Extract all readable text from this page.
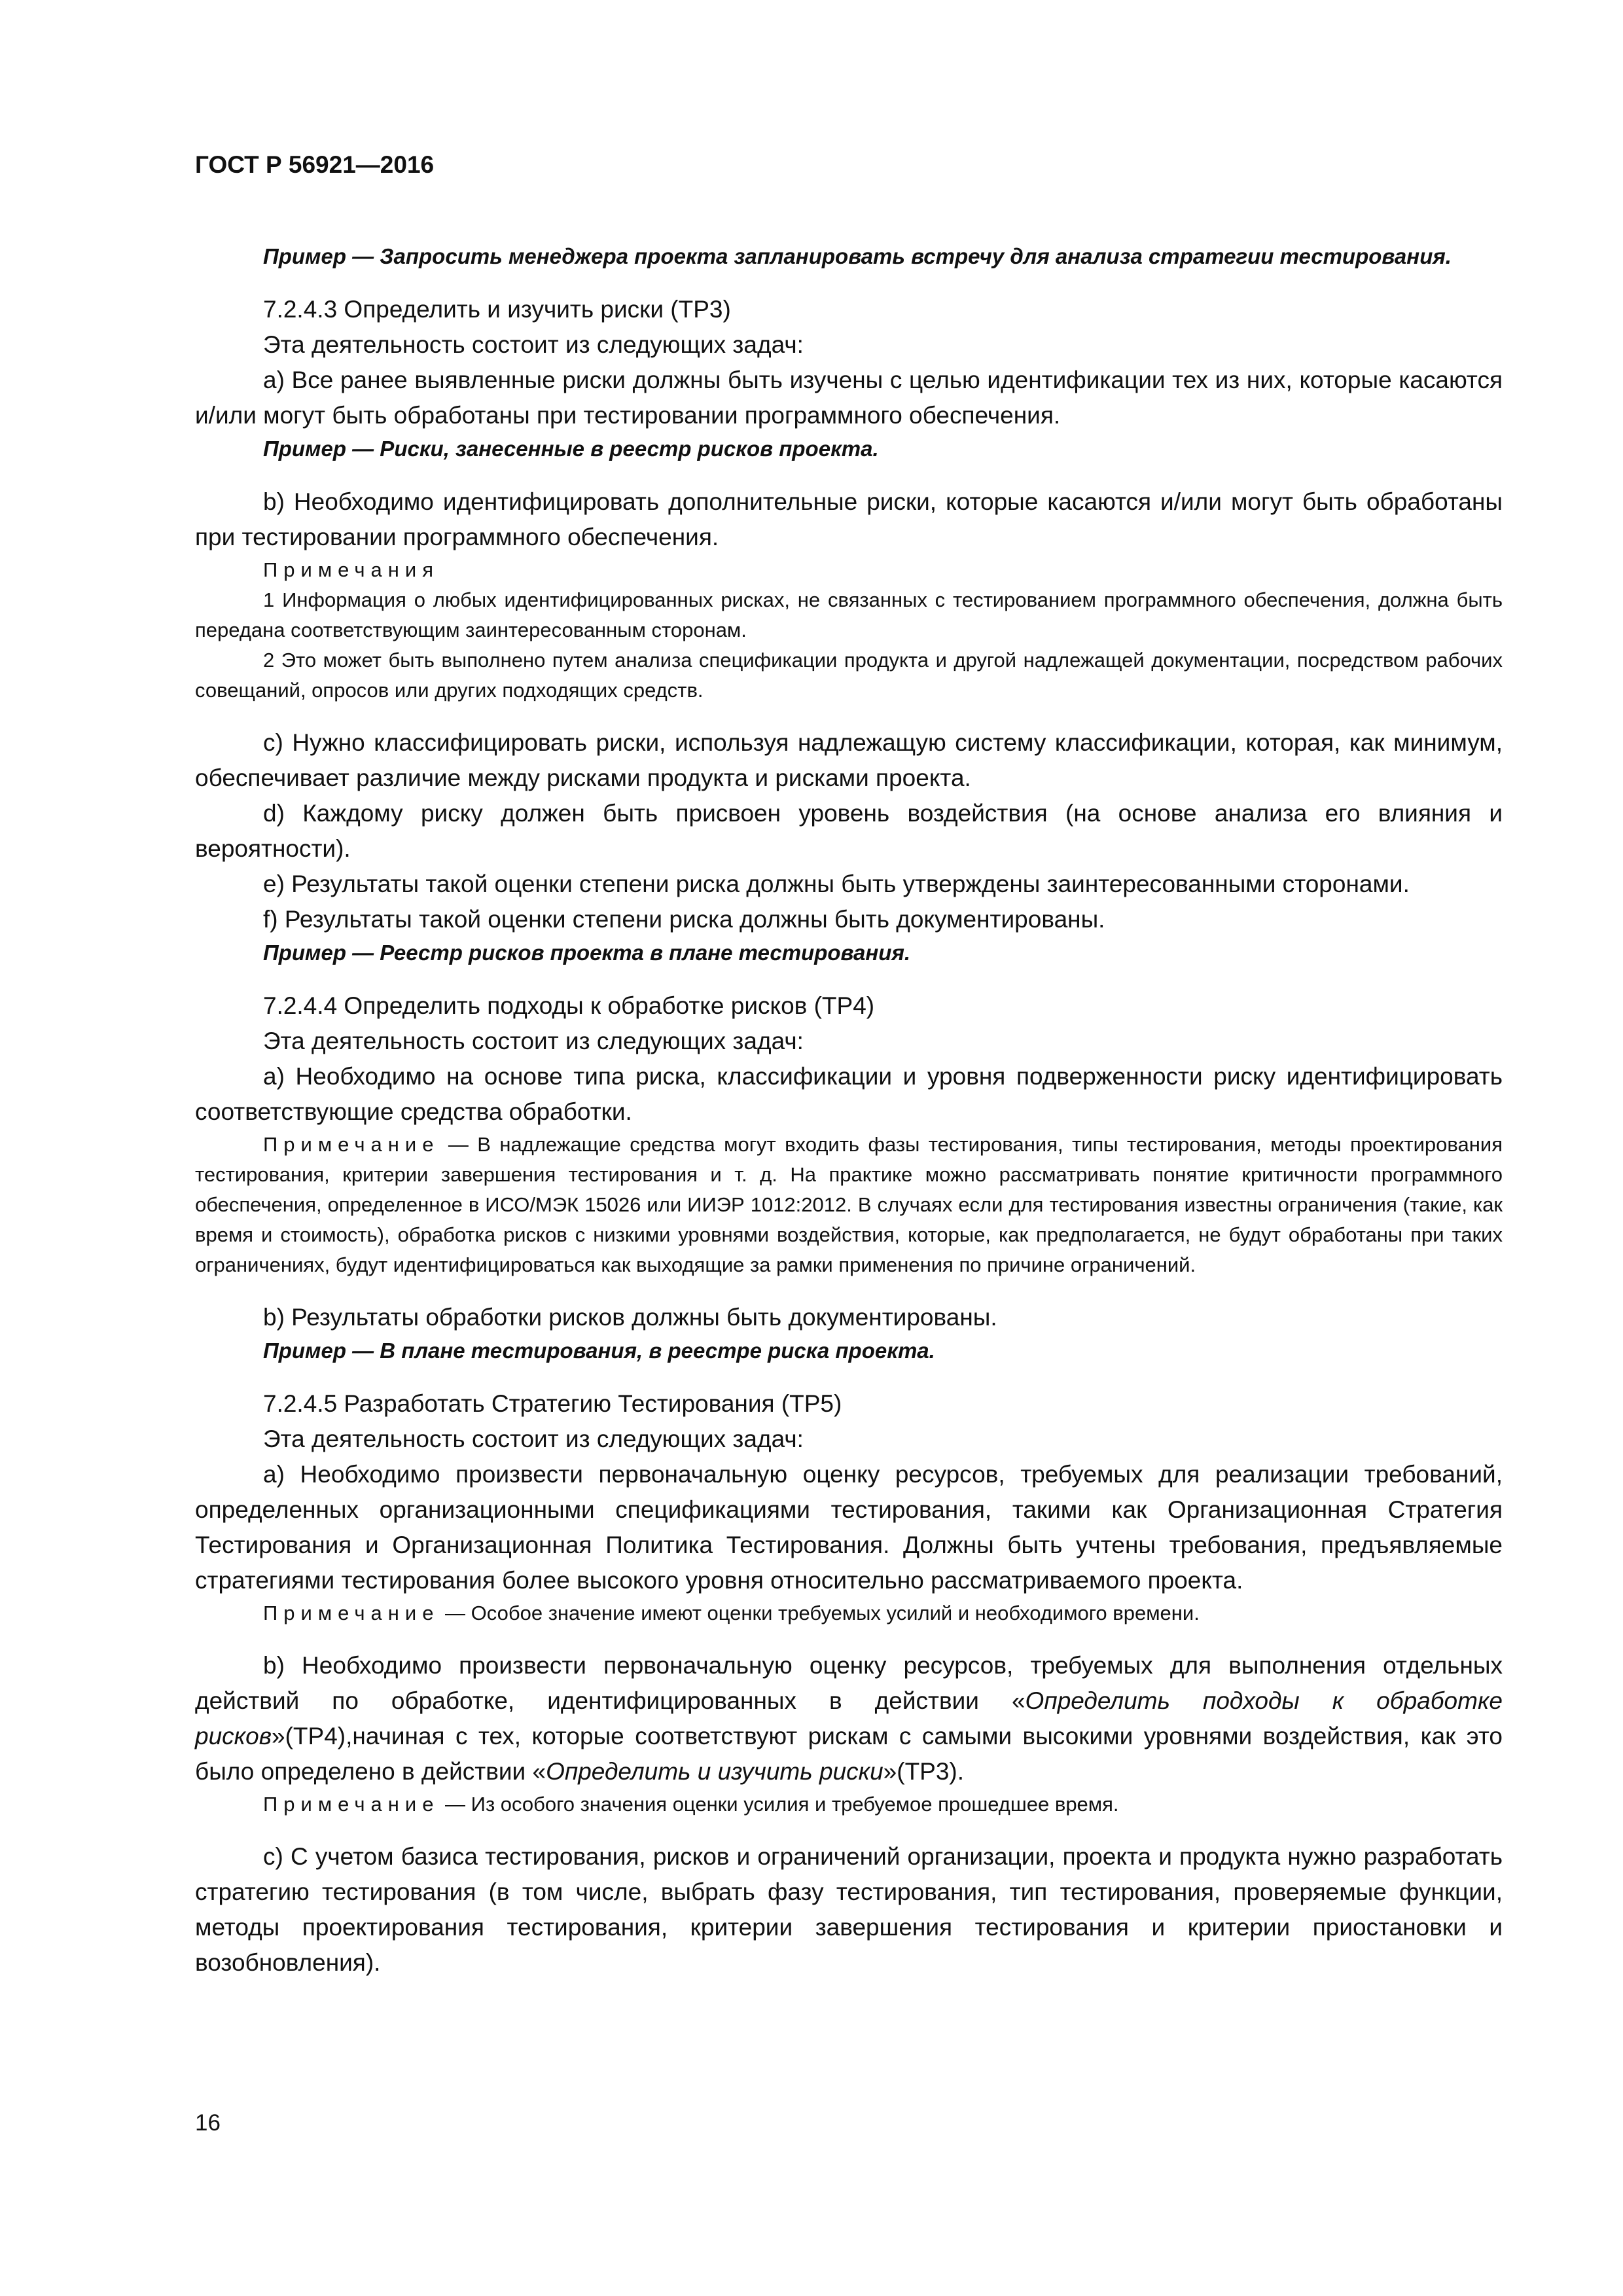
ГОСТ Р 56921—2016

Пример — Запросить менеджера проекта запланировать встречу для анализа стратегии тестирования.

7.2.4.3 Определить и изучить риски (TP3)

Эта деятельность состоит из следующих задач:

a) Все ранее выявленные риски должны быть изучены с целью идентификации тех из них, которые касаются и/или могут быть обработаны при тестировании программного обеспечения.

Пример — Риски, занесенные в реестр рисков проекта.

b) Необходимо идентифицировать дополнительные риски, которые касаются и/или могут быть обработаны при тестировании программного обеспечения.

Примечания

1 Информация о любых идентифицированных рисках, не связанных с тестированием программного обеспечения, должна быть передана соответствующим заинтересованным сторонам.

2 Это может быть выполнено путем анализа спецификации продукта и другой надлежащей документации, посредством рабочих совещаний, опросов или других подходящих средств.

c) Нужно классифицировать риски, используя надлежащую систему классификации, которая, как минимум, обеспечивает различие между рисками продукта и рисками проекта.

d) Каждому риску должен быть присвоен уровень воздействия (на основе анализа его влияния и вероятности).

e) Результаты такой оценки степени риска должны быть утверждены заинтересованными сторонами.

f) Результаты такой оценки степени риска должны быть документированы.

Пример — Реестр рисков проекта в плане тестирования.

7.2.4.4 Определить подходы к обработке рисков (TP4)

Эта деятельность состоит из следующих задач:

a) Необходимо на основе типа риска, классификации и уровня подверженности риску идентифицировать соответствующие средства обработки.

Примечание — В надлежащие средства могут входить фазы тестирования, типы тестирования, методы проектирования тестирования, критерии завершения тестирования и т. д. На практике можно рассматривать понятие критичности программного обеспечения, определенное в ИСО/МЭК 15026 или ИИЭР 1012:2012. В случаях если для тестирования известны ограничения (такие, как время и стоимость), обработка рисков с низкими уровнями воздействия, которые, как предполагается, не будут обработаны при таких ограничениях, будут идентифицироваться как выходящие за рамки применения по причине ограничений.

b) Результаты обработки рисков должны быть документированы.

Пример — В плане тестирования, в реестре риска проекта.

7.2.4.5 Разработать Стратегию Тестирования (TP5)

Эта деятельность состоит из следующих задач:

a) Необходимо произвести первоначальную оценку ресурсов, требуемых для реализации требований, определенных организационными спецификациями тестирования, такими как Организационная Стратегия Тестирования и Организационная Политика Тестирования. Должны быть учтены требования, предъявляемые стратегиями тестирования более высокого уровня относительно рассматриваемого проекта.

Примечание — Особое значение имеют оценки требуемых усилий и необходимого времени.

b) Необходимо произвести первоначальную оценку ресурсов, требуемых для выполнения отдельных действий по обработке, идентифицированных в действии «Определить подходы к обработке рисков»(TP4),начиная с тех, которые соответствуют рискам с самыми высокими уровнями воздействия, как это было определено в действии «Определить и изучить риски»(TP3).

Примечание — Из особого значения оценки усилия и требуемое прошедшее время.

c) С учетом базиса тестирования, рисков и ограничений организации, проекта и продукта нужно разработать стратегию тестирования (в том числе, выбрать фазу тестирования, тип тестирования, проверяемые функции, методы проектирования тестирования, критерии завершения тестирования и критерии приостановки и возобновления).

16
